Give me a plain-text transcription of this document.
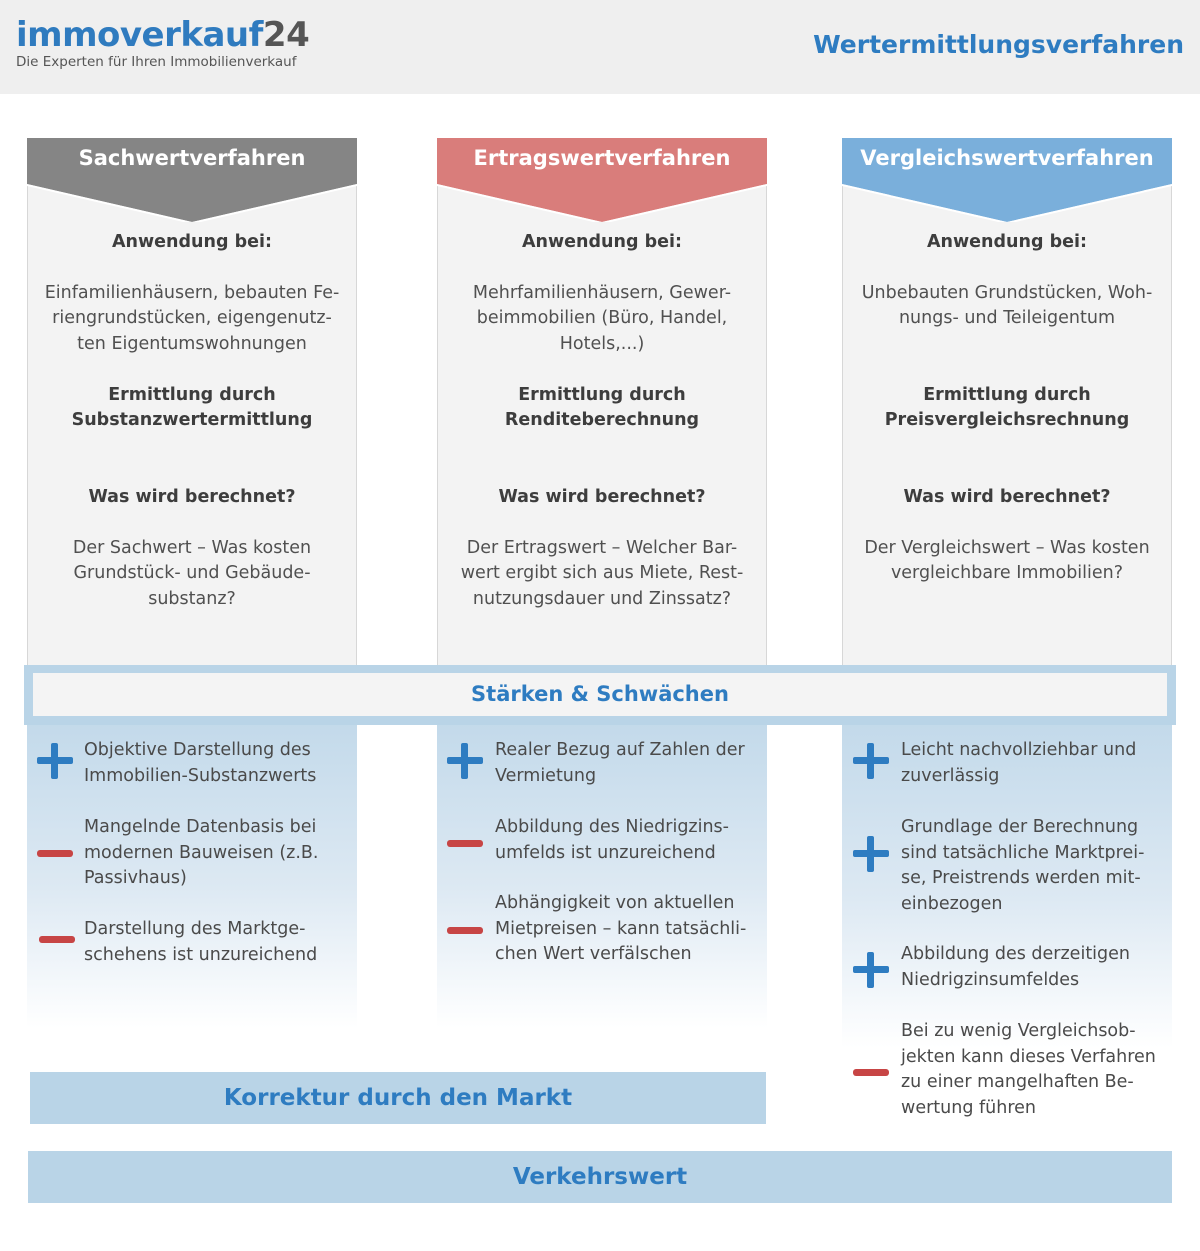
immoverkauf24
Die Experten für Ihren Immobilienverkauf
Wertermittlungsverfahren
Sachwertverfahren
Anwendung bei:
Einfamilienhäusern, bebauten Fe-
riengrundstücken, eigengenutz-
ten Eigentumswohnungen
Ermittlung durch
Substanzwertermittlung
Was wird berechnet?
Der Sachwert – Was kosten
Grundstück- und Gebäude-
substanz?
Ertragswertverfahren
Anwendung bei:
Mehrfamilienhäusern, Gewer-
beimmobilien (Büro, Handel,
Hotels,...)
Ermittlung durch
Renditeberechnung
Was wird berechnet?
Der Ertragswert – Welcher Bar-
wert ergibt sich aus Miete, Rest-
nutzungsdauer und Zinssatz?
Vergleichswertverfahren
Anwendung bei:
Unbebauten Grundstücken, Woh-
nungs- und Teileigentum
Ermittlung durch
Preisvergleichsrechnung
Was wird berechnet?
Der Vergleichswert – Was kosten
vergleichbare Immobilien?
Stärken & Schwächen
Objektive Darstellung des
Immobilien-Substanzwerts
Mangelnde Datenbasis bei
modernen Bauweisen (z.B.
Passivhaus)
Darstellung des Marktge-
schehens ist unzureichend
Realer Bezug auf Zahlen der
Vermietung
Abbildung des Niedrigzins-
umfelds ist unzureichend
Abhängigkeit von aktuellen
Mietpreisen – kann tatsächli-
chen Wert verfälschen
Leicht nachvollziehbar und
zuverlässig
Grundlage der Berechnung
sind tatsächliche Marktprei-
se, Preistrends werden mit-
einbezogen
Abbildung des derzeitigen
Niedrigzinsumfeldes
Bei zu wenig Vergleichsob-
jekten kann dieses Verfahren
zu einer mangelhaften Be-
wertung führen
Korrektur durch den Markt
Verkehrswert
